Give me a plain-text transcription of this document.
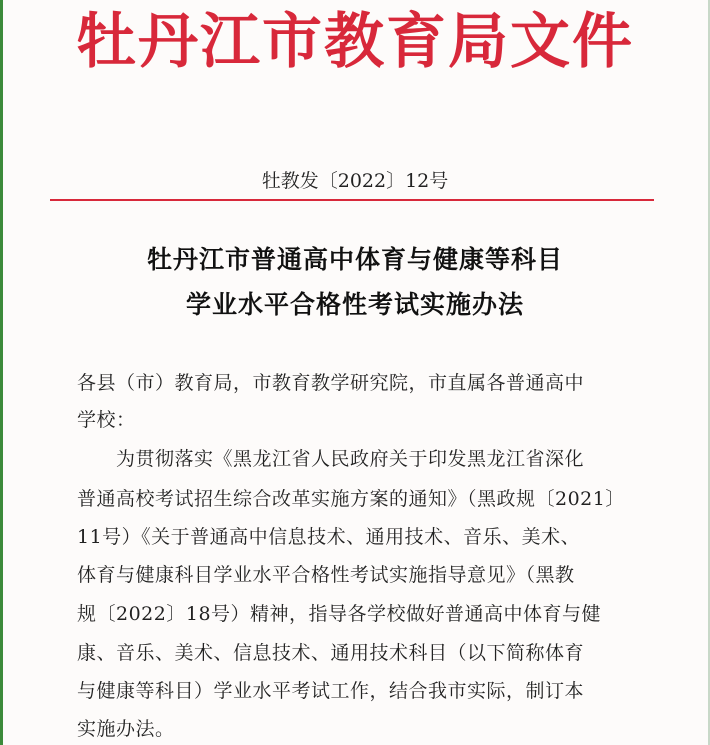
牡丹江市教育局文件
牡教发〔2022〕12号
牡丹江市普通高中体育与健康等科目
学业水平合格性考试实施办法
各县（市）教育局，市教育教学研究院，市直属各普通高中
学校：
　　为贯彻落实《黑龙江省人民政府关于印发黑龙江省深化
普通高校考试招生综合改革实施方案的通知》（黑政规〔2021〕
11号）《关于普通高中信息技术、通用技术、音乐、美术、
体育与健康科目学业水平合格性考试实施指导意见》（黑教
规〔2022〕18号）精神，指导各学校做好普通高中体育与健
康、音乐、美术、信息技术、通用技术科目（以下简称体育
与健康等科目）学业水平考试工作，结合我市实际，制订本
实施办法。
